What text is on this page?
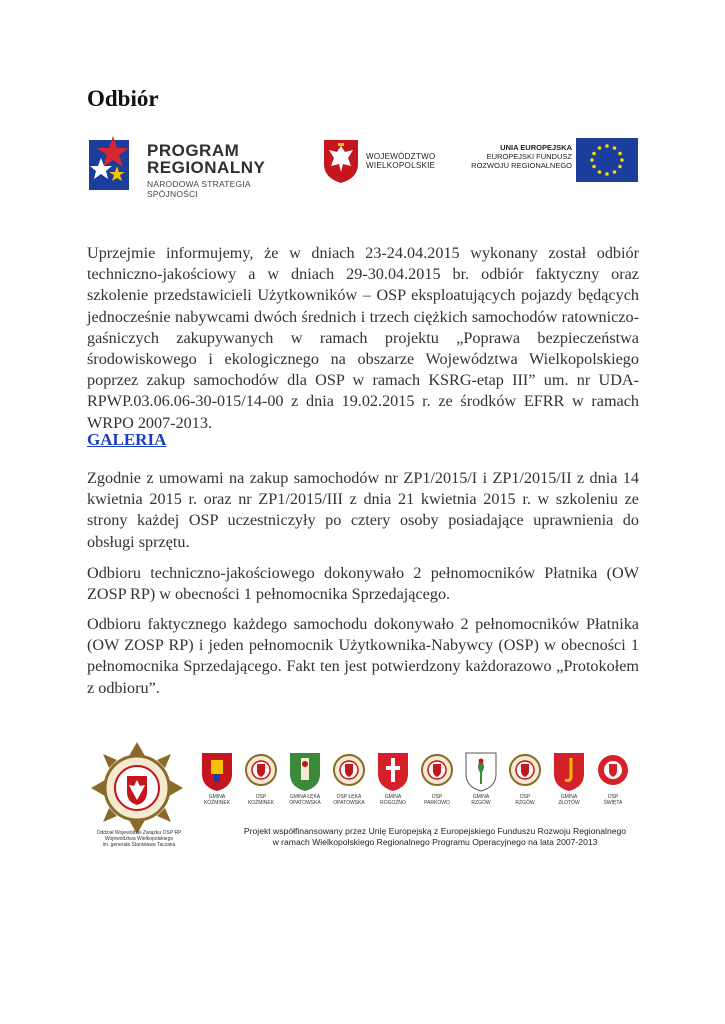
Odbiór
PROGRAM
REGIONALNY
NARODOWA STRATEGIA SPÓJNOŚCI
WOJEWÓDZTWO
WIELKOPOLSKIE
UNIA EUROPEJSKA
EUROPEJSKI FUNDUSZ
ROZWOJU REGIONALNEGO

Uprzejmie informujemy, że w dniach 23-24.04.2015 wykonany został odbiór techniczno-jakościowy a w dniach 29-30.04.2015 br. odbiór faktyczny oraz szkolenie przedstawicieli Użytkowników – OSP eksploatujących pojazdy będących jednocześnie nabywcami dwóch średnich i trzech ciężkich samochodów ratowniczo-gaśniczych zakupywanych w ramach projektu „Poprawa bezpieczeństwa środowiskowego i ekologicznego na obszarze Województwa Wielkopolskiego poprzez zakup samochodów dla OSP w ramach KSRG-etap III” um. nr UDA-RPWP.03.06.06-30-015/14-00 z dnia 19.02.2015 r. ze środków EFRR w ramach WRPO 2007-2013.

GALERIA

Zgodnie z umowami na zakup samochodów nr ZP1/2015/I i ZP1/2015/II z dnia 14 kwietnia 2015 r. oraz nr ZP1/2015/III z dnia 21 kwietnia 2015 r. w szkoleniu ze strony każdej OSP uczestniczyły po cztery osoby posiadające uprawnienia do obsługi sprzętu.

Odbioru techniczno-jakościowego dokonywało 2 pełnomocników Płatnika (OW ZOSP RP) w obecności 1 pełnomocnika Sprzedającego.

Odbioru faktycznego każdego samochodu dokonywało 2 pełnomocników Płatnika (OW ZOSP RP) i jeden pełnomocnik Użytkownika-Nabywcy (OSP) w obecności 1 pełnomocnika Sprzedającego. Fakt ten jest potwierdzony każdorazowo „Protokołem z odbioru”.

Oddział Wojewódzki Związku OSP RP
Województwa Wielkopolskiego
im. generała Stanisława Taczaka
GMINA
KOŹMINEK
OSP
KOŹMINEK
GMINA ŁĘKA
OPATOWSKA
OSP ŁĘKA
OPATOWSKA
GMINA
ROGOŹNO
OSP
PARKOWO
GMINA
RZGÓW
OSP
RZGÓW
GMINA
ZŁOTÓW
OSP
ŚWIĘTA
Projekt współfinansowany przez Unię Europejską z Europejskiego Funduszu Rozwoju Regionalnego
w ramach Wielkopolskiego Regionalnego Programu Operacyjnego na lata 2007-2013
